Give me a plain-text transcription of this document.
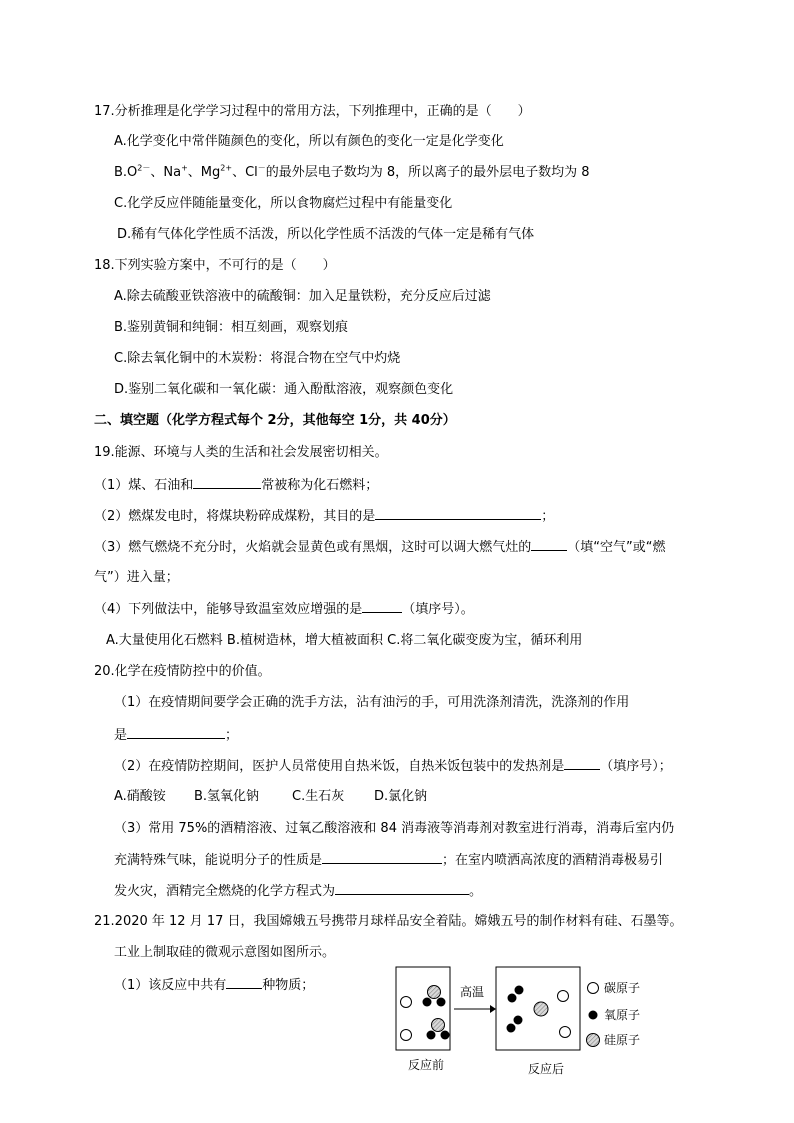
17.分析推理是化学学习过程中的常用方法，下列推理中，正确的是（　　）
A.化学变化中常伴随颜色的变化，所以有颜色的变化一定是化学变化
$B.O^{2-}$、Na+、$Mg^{2+}$、Cl－的最外层电子数均为 8，所以离子的最外层电子数均为 8
C.化学反应伴随能量变化，所以食物腐烂过程中有能量变化
D.稀有气体化学性质不活泼，所以化学性质不活泼的气体一定是稀有气体
18.下列实验方案中，不可行的是（　　）
A.除去硫酸亚铁溶液中的硫酸铜：加入足量铁粉，充分反应后过滤
B.鉴别黄铜和纯铜：相互刻画，观察划痕
C.除去氧化铜中的木炭粉：将混合物在空气中灼烧
D.鉴别二氧化碳和一氧化碳：通入酚酞溶液，观察颜色变化
二、填空题（化学方程式每个 2分，其他每空 1分，共 40分）
19.能源、环境与人类的生活和社会发展密切相关。
（1）煤、石油和	常被称为化石燃料；
（2）燃煤发电时，将煤块粉碎成煤粉，其目的是	；
（3）燃气燃烧不充分时，火焰就会显黄色或有黑烟，这时可以调大燃气灶的	（填“空气”或“燃
气”）进入量；
（4）下列做法中，能够导致温室效应增强的是	（填序号）。
A.大量使用化石燃料 B.植树造林，增大植被面积 C.将二氧化碳变废为宝，循环利用
20.化学在疫情防控中的价值。
（1）在疫情期间要学会正确的洗手方法，沾有油污的手，可用洗涤剂清洗，洗涤剂的作用
是	；
（2）在疫情防控期间，医护人员常使用自热米饭，自热米饭包装中的发热剂是	（填序号）；
A.硝酸铵 B.氢氧化钠	C.生石灰 D.氯化钠
（3）常用 75%的酒精溶液、过氧乙酸溶液和 84 消毒液等消毒剂对教室进行消毒，消毒后室内仍
充满特殊气味，能说明分子的性质是	；在室内喷洒高浓度的酒精消毒极易引
发火灾，酒精完全燃烧的化学方程式为	。
21.2020 年 12 月 17 日，我国嫦娥五号携带月球样品安全着陆。嫦娥五号的制作材料有硅、石墨等。
工业上制取硅的微观示意图如图所示。
（1）该反应中共有	种物质；	高温
反应前	反应后
碳原子
氧原子
硅原子
